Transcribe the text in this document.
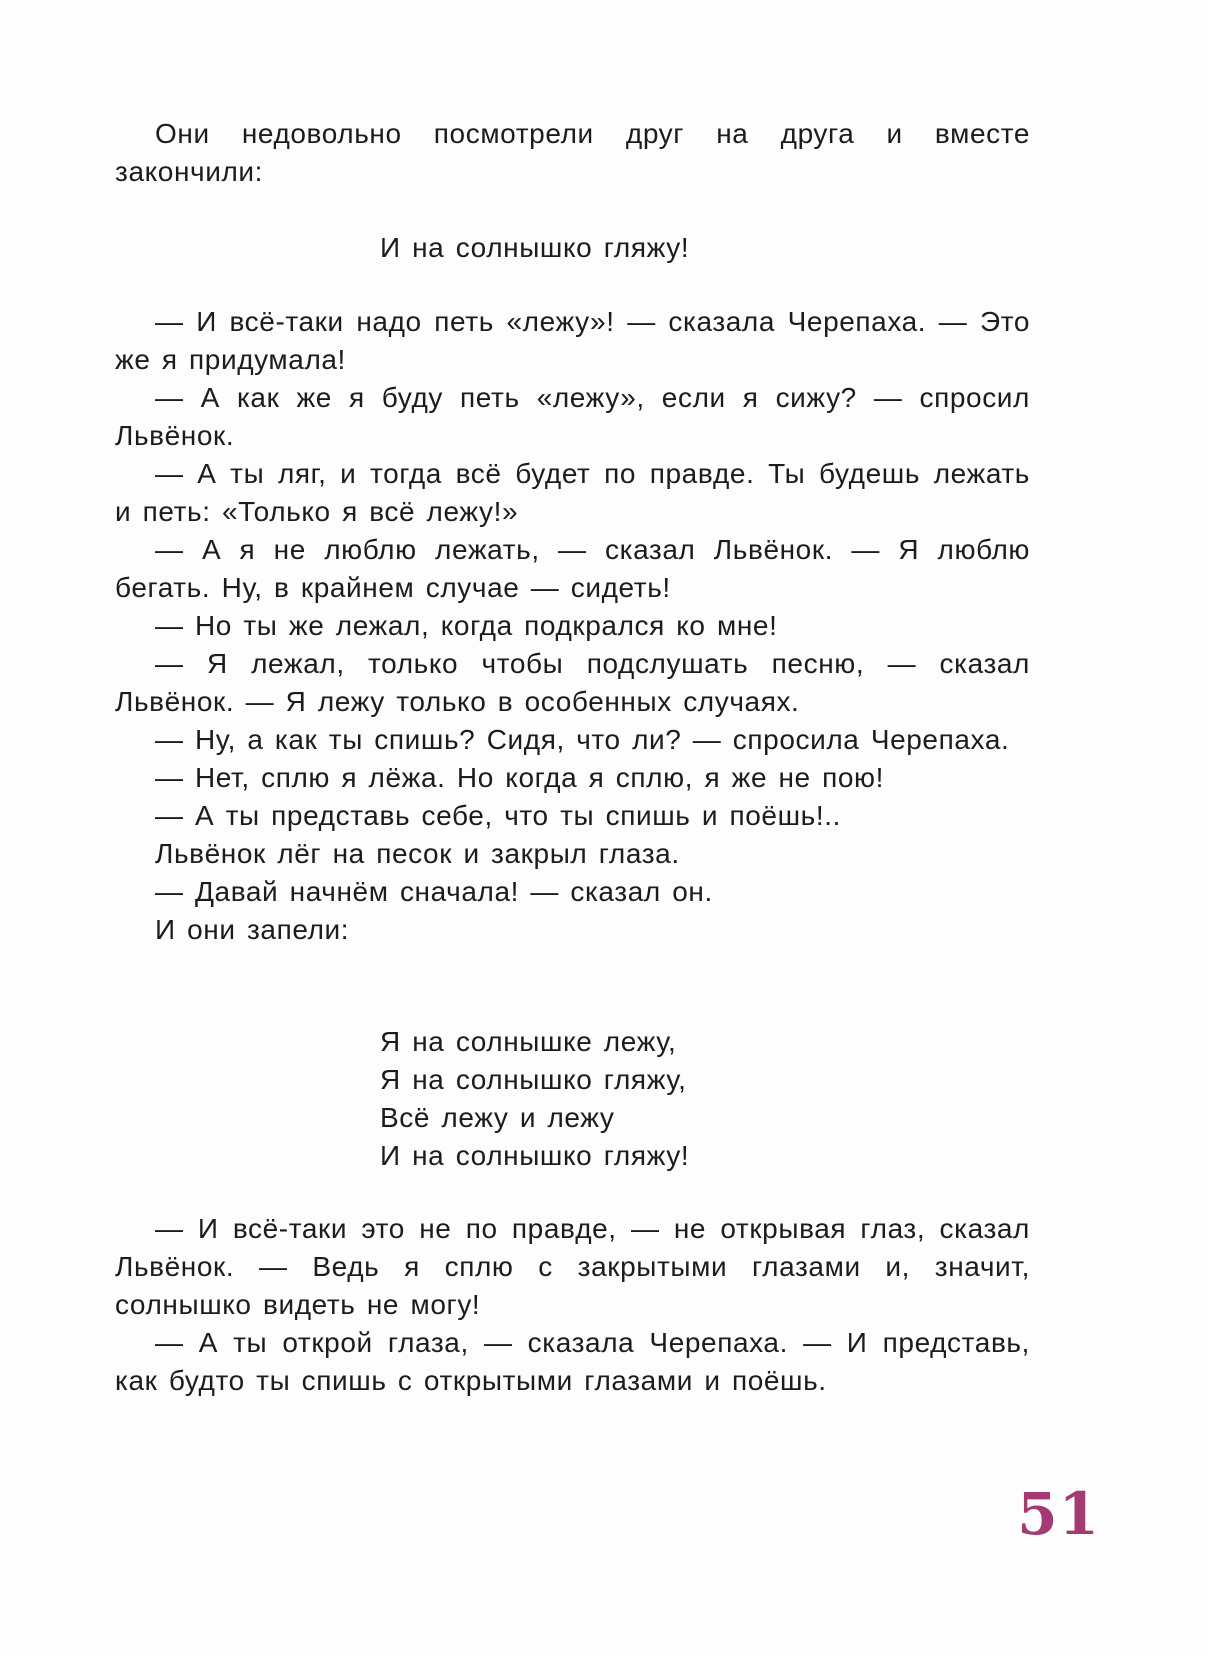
Они недовольно посмотрели друг на друга и вместе закончили:

И на солнышко гляжу!

— И всё-таки надо петь «лежу»! — сказала Черепаха. — Это же я придумала!

— А как же я буду петь «лежу», если я сижу? — спросил Львёнок.

— А ты ляг, и тогда всё будет по правде. Ты будешь лежать и петь: «Только я всё лежу!»

— А я не люблю лежать, — сказал Львёнок. — Я люблю бегать. Ну, в крайнем случае — сидеть!

— Но ты же лежал, когда подкрался ко мне!

— Я лежал, только чтобы подслушать песню, — сказал Львёнок. — Я лежу только в особенных случаях.

— Ну, а как ты спишь? Сидя, что ли? — спросила Черепаха.

— Нет, сплю я лёжа. Но когда я сплю, я же не пою!

— А ты представь себе, что ты спишь и поёшь!..

Львёнок лёг на песок и закрыл глаза.

— Давай начнём сначала! — сказал он.

И они запели:

Я на солнышке лежу,
Я на солнышко гляжу,
Всё лежу и лежу
И на солнышко гляжу!

— И всё-таки это не по правде, — не открывая глаз, сказал Львёнок. — Ведь я сплю с закрытыми глазами и, значит, солнышко видеть не могу!

— А ты открой глаза, — сказала Черепаха. — И представь, как будто ты спишь с открытыми глазами и поёшь.

51
